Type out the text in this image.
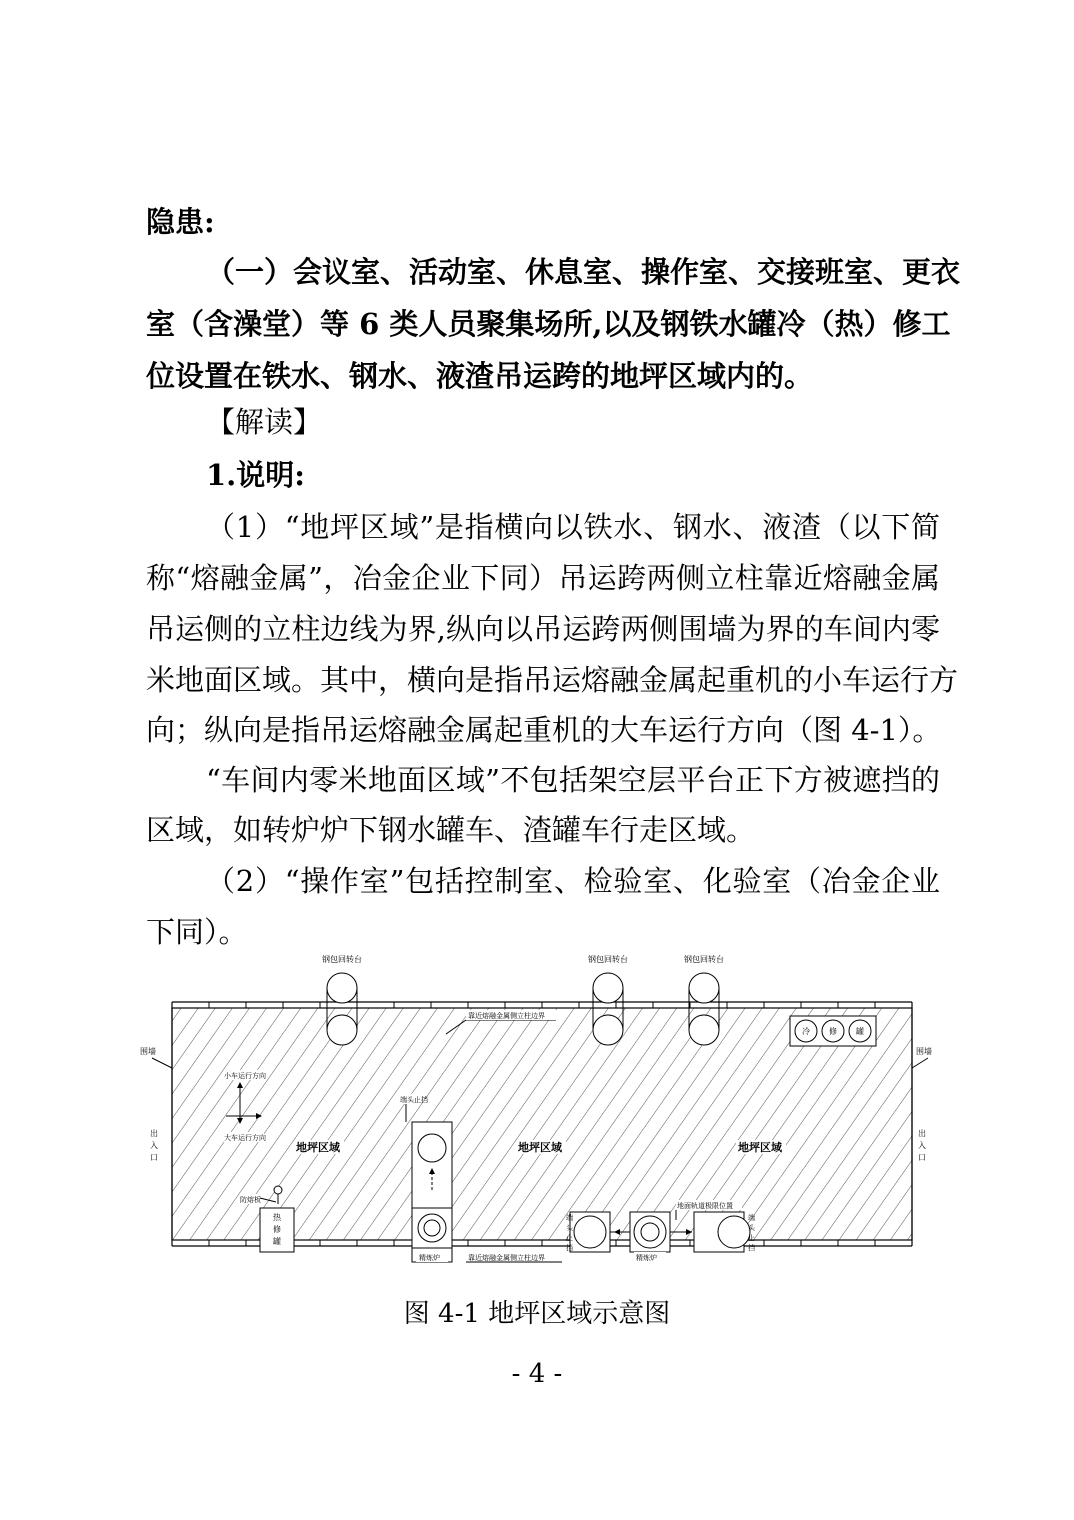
隐患:
（一）会议室、活动室、休息室、操作室、交接班室、更衣
室（含澡堂）等 6 类人员聚集场所,以及钢铁水罐冷（热）修工
位设置在铁水、钢水、液渣吊运跨的地坪区域内的。
【解读】
1.说明:
（1）“地坪区域”是指横向以铁水、钢水、液渣（以下简
称“熔融金属”，冶金企业下同）吊运跨两侧立柱靠近熔融金属
吊运侧的立柱边线为界,纵向以吊运跨两侧围墙为界的车间内零
米地面区域。其中，横向是指吊运熔融金属起重机的小车运行方
向；纵向是指吊运熔融金属起重机的大车运行方向（图 4-1）。
“车间内零米地面区域”不包括架空层平台正下方被遮挡的
区域，如转炉炉下钢水罐车、渣罐车行走区域。
（2）“操作室”包括控制室、检验室、化验室（冶金企业
下同）。
钢包回转台	钢包回转台	钢包回转台
靠近熔融金属侧立柱边界
围墙	围墙
出
入
口
出
入
口
小车运行方向
大车运行方向
地坪区域	地坪区域	地坪区域
冷 修 罐
防熔板
热
修
罐
端头止挡
精炼炉	靠近熔融金属侧立柱边界
地面轨道极限位置
端
头
止
挡
端
头
止
挡
精炼炉
图 4-1 地坪区域示意图
- 4 -
